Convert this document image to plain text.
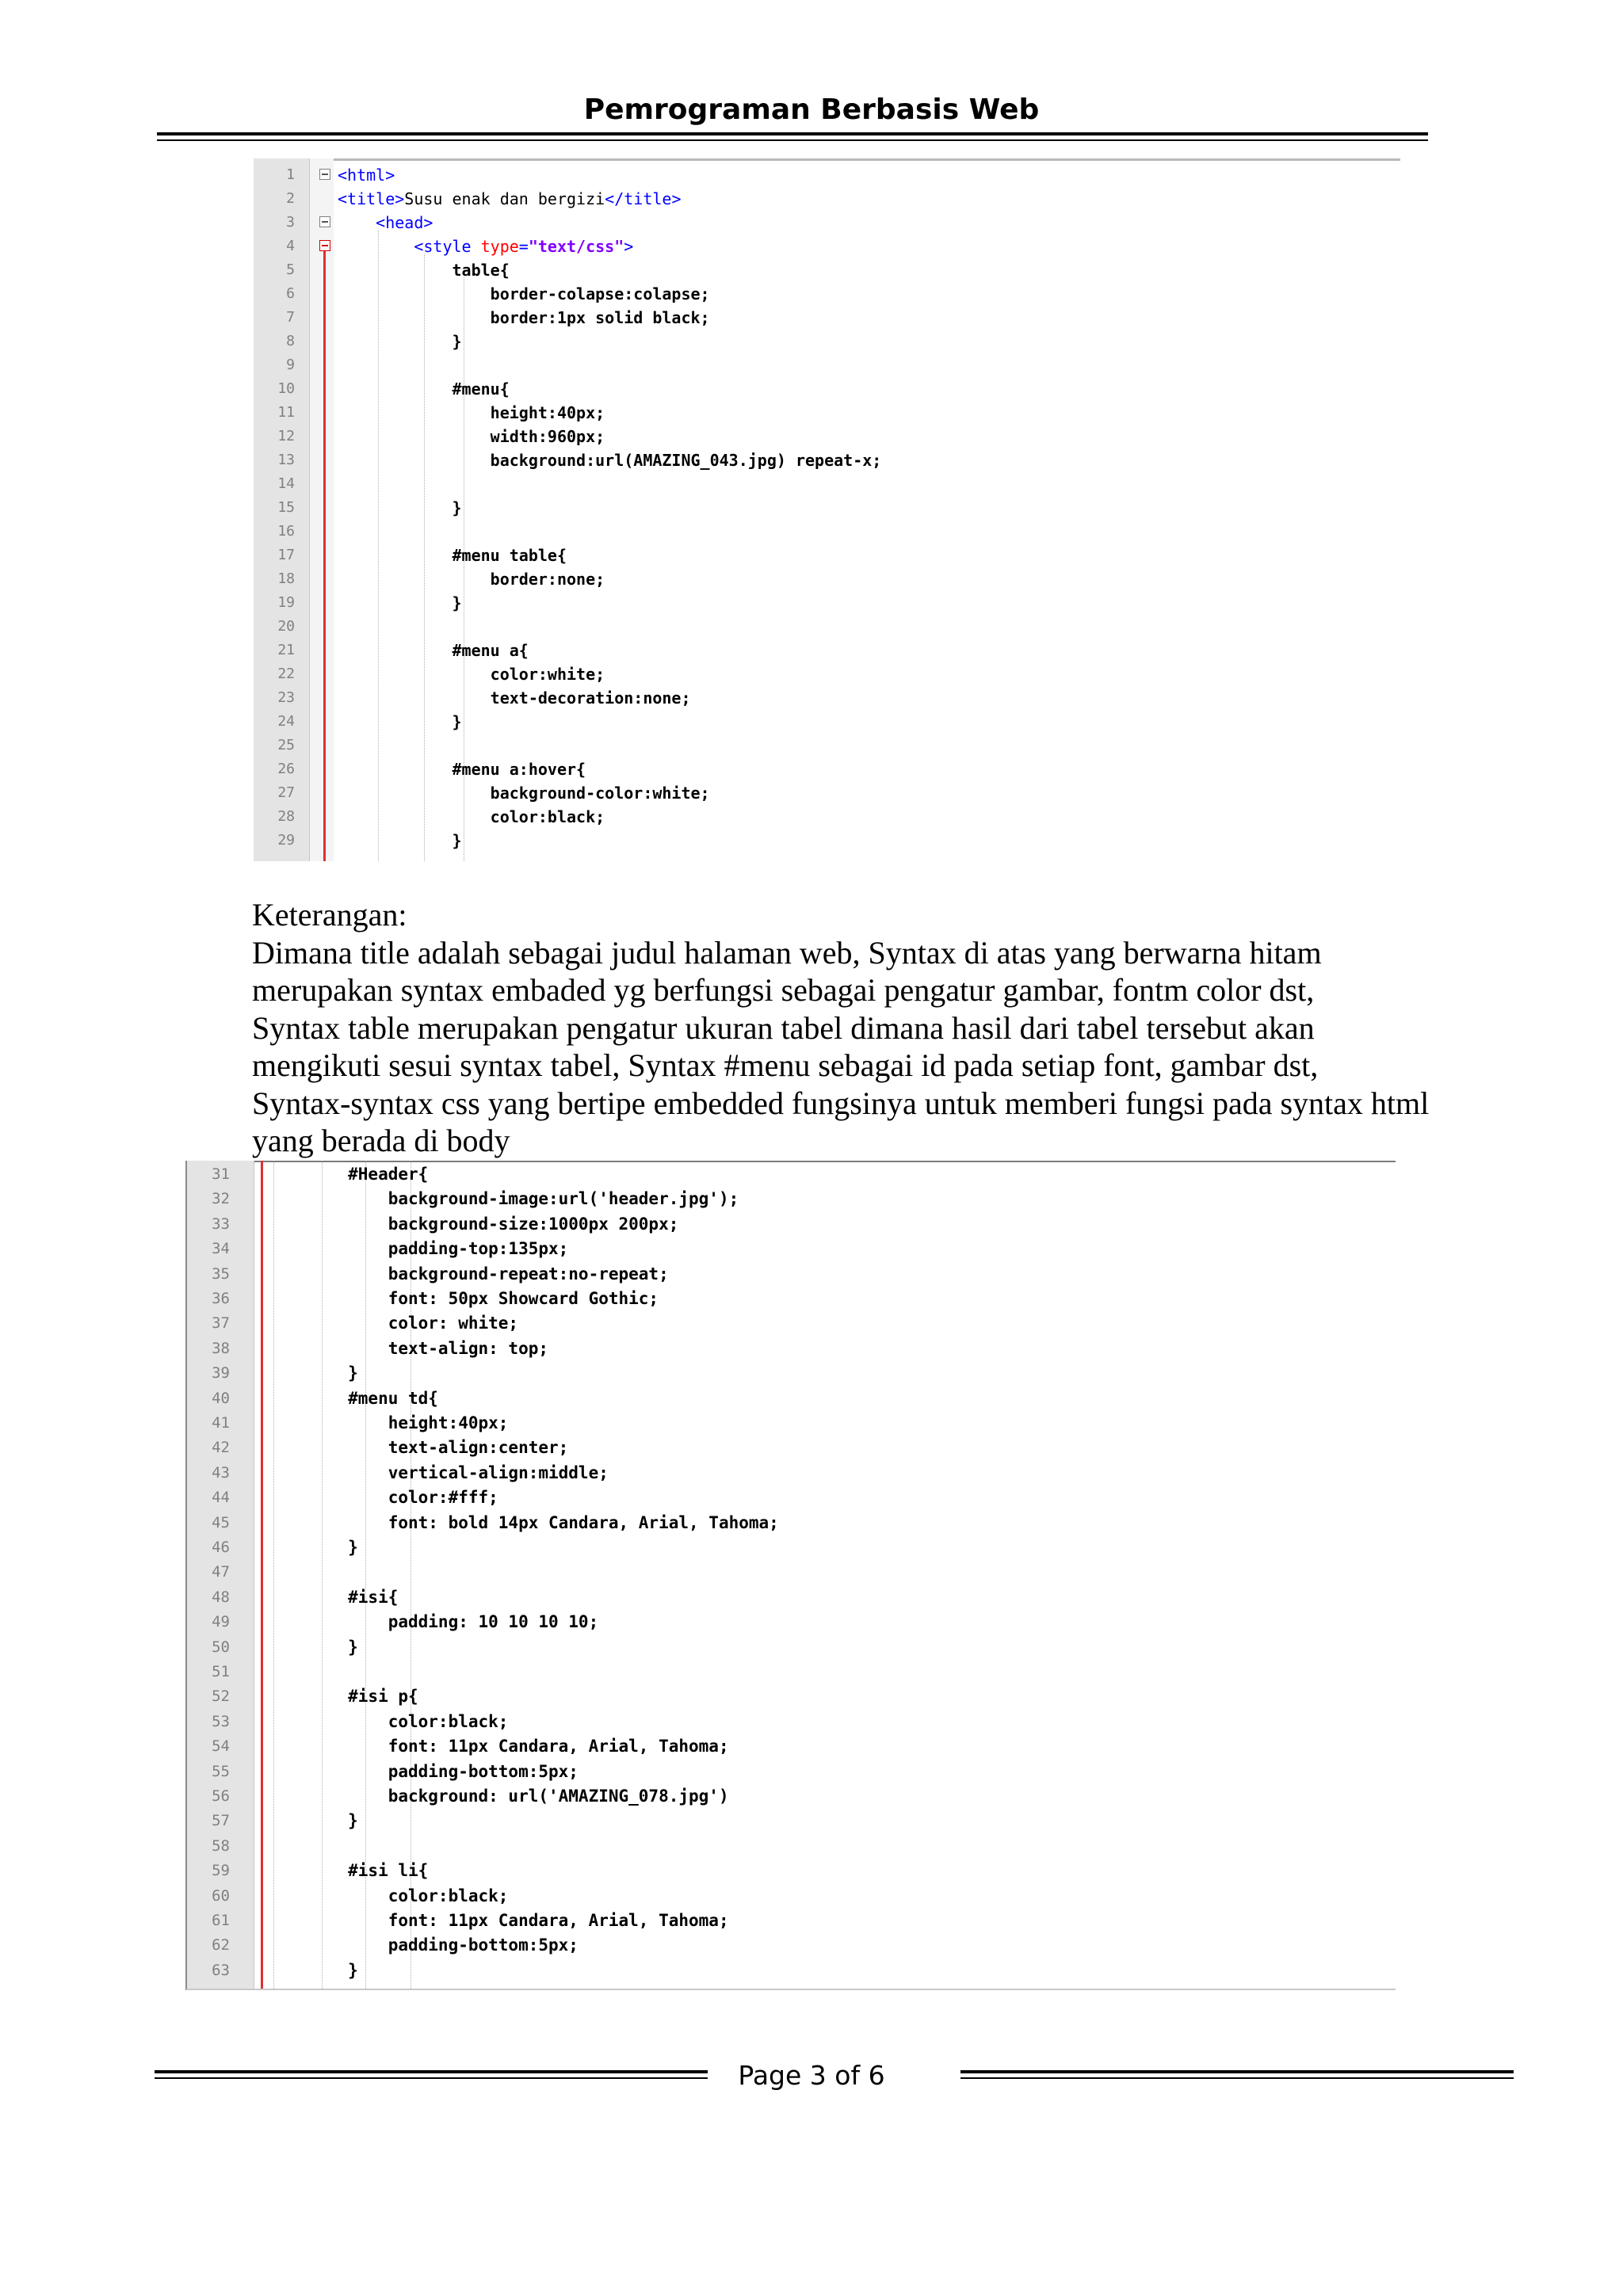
Pemrograman Berbasis Web
1	<html>
2	<title>Susu enak dan bergizi</title>
3	<head>
4	<style type="text/css">
5	table{
6	border-colapse:colapse;
7	border:1px solid black;
8	}
9
10	#menu{
11	height:40px;
12	width:960px;
13	background:url(AMAZING_043.jpg) repeat-x;
14
15	}
16
17	#menu table{
18	border:none;
19	}
20
21	#menu a{
22	color:white;
23	text-decoration:none;
24	}
25
26	#menu a:hover{
27	background-color:white;
28	color:black;
29	}

Keterangan:

Dimana title adalah sebagai judul halaman web, Syntax di atas yang berwarna hitam

merupakan syntax embaded yg berfungsi sebagai pengatur gambar, fontm color dst,

Syntax table merupakan pengatur ukuran tabel dimana hasil dari tabel tersebut akan

mengikuti sesui syntax tabel, Syntax #menu sebagai id pada setiap font, gambar dst,

Syntax-syntax css yang bertipe embedded fungsinya untuk memberi fungsi pada syntax html

yang berada di body

31 #Header{
32 background-image:url('header.jpg');
33 background-size:1000px 200px;
34 padding-top:135px;
35 background-repeat:no-repeat;
36 font: 50px Showcard Gothic;
37 color: white;
38 text-align: top;
39 }
40 #menu td{
41 height:40px;
42 text-align:center;
43 vertical-align:middle;
44 color:#fff;
45 font: bold 14px Candara, Arial, Tahoma;
46 }
47
48 #isi{
49 padding: 10 10 10 10;
50 }
51
52 #isi p{
53 color:black;
54 font: 11px Candara, Arial, Tahoma;
55 padding-bottom:5px;
56 background: url('AMAZING_078.jpg')
57 }
58
59 #isi li{
60 color:black;
61 font: 11px Candara, Arial, Tahoma;
62 padding-bottom:5px;
63 }
Page 3 of 6
